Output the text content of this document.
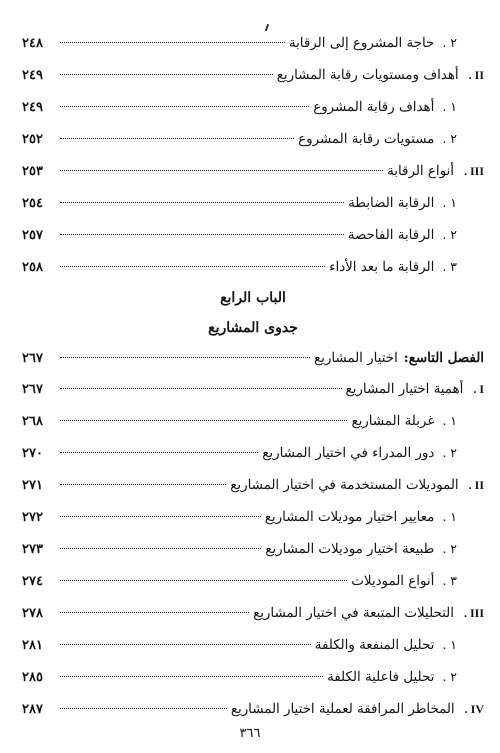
٢ .
حاجة المشروع إلى الرقابة
٢٤٨
II .
أهداف ومستويات رقابة المشاريع
٢٤٩
١ .
أهداف رقابة المشروع
٢٤٩
٢ .
مستويات رقابة المشروع
٢٥٢
III .
أنواع الرقابة
٢٥٣
١ .
الرقابة الضابطة
٢٥٤
٢ .
الرقابة الفاحصة
٢٥٧
٣ .
الرقابة ما بعد الأداء
٢٥٨
الباب الرابع
جدوى المشاريع
الفصل التاسع:
اختيار المشاريع
٢٦٧
I .
أهمية اختيار المشاريع
٢٦٧
١ .
غربلة المشاريع
٢٦٨
٢ .
دور المدراء في اختيار المشاريع
٢٧٠
II .
الموديلات المستخدمة في اختيار المشاريع
٢٧١
١ .
معايير اختيار موديلات المشاريع
٢٧٢
٢ .
طبيعة اختيار موديلات المشاريع
٢٧٣
٣ .
أنواع الموديلات
٢٧٤
III .
التحليلات المتبعة في اختيار المشاريع
٢٧٨
١ .
تحليل المنفعة والكلفة
٢٨١
٢ .
تحليل فاعلية الكلفة
٢٨٥
IV .
المخاطر المرافقة لعملية اختيار المشاريع
٢٨٧
٣٦٦
